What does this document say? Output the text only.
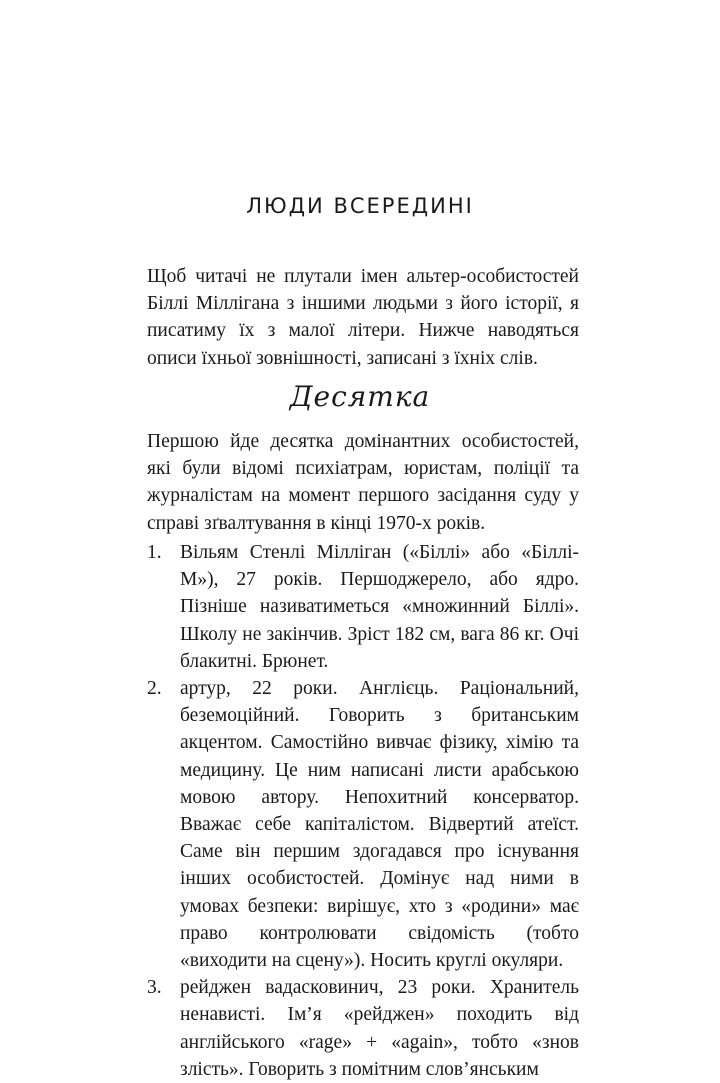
ЛЮДИ ВСЕРЕДИНІ

Щоб читачі не плутали імен альтер-особистостей Біллі Міллігана з іншими людьми з його історії, я писатиму їх з малої літери. Нижче наводяться описи їхньої зовнішності, записані з їхніх слів.

Десятка

Першою йде десятка домінантних особистостей, які були відомі психіатрам, юристам, поліції та журналістам на момент першого засідання суду у справі зґвалтування в кінці 1970-х років.

1. Вільям Стенлі Мілліган («Біллі» або «Біллі-М»), 27 років. Першоджерело, або ядро. Пізніше називатиметься «множинний Біллі». Школу не закінчив. Зріст 182 см, вага 86 кг. Очі блакитні. Брюнет.
2. артур, 22 роки. Англієць. Раціональний, беземоційний. Говорить з британським акцентом. Самостійно вивчає фізику, хімію та медицину. Це ним написані листи арабською мовою автору. Непохитний консерватор. Вважає себе капіталістом. Відвертий атеїст. Саме він першим здогадався про існування інших особистостей. Домінує над ними в умовах безпеки: вирішує, хто з «родини» має право контролювати свідомість (тобто «виходити на сцену»). Носить круглі окуляри.
3. рейджен вадасковинич, 23 роки. Хранитель ненависті. Ім’я «рейджен» походить від англійського «rage» + «again», тобто «знов злість». Говорить з помітним слов’янським
